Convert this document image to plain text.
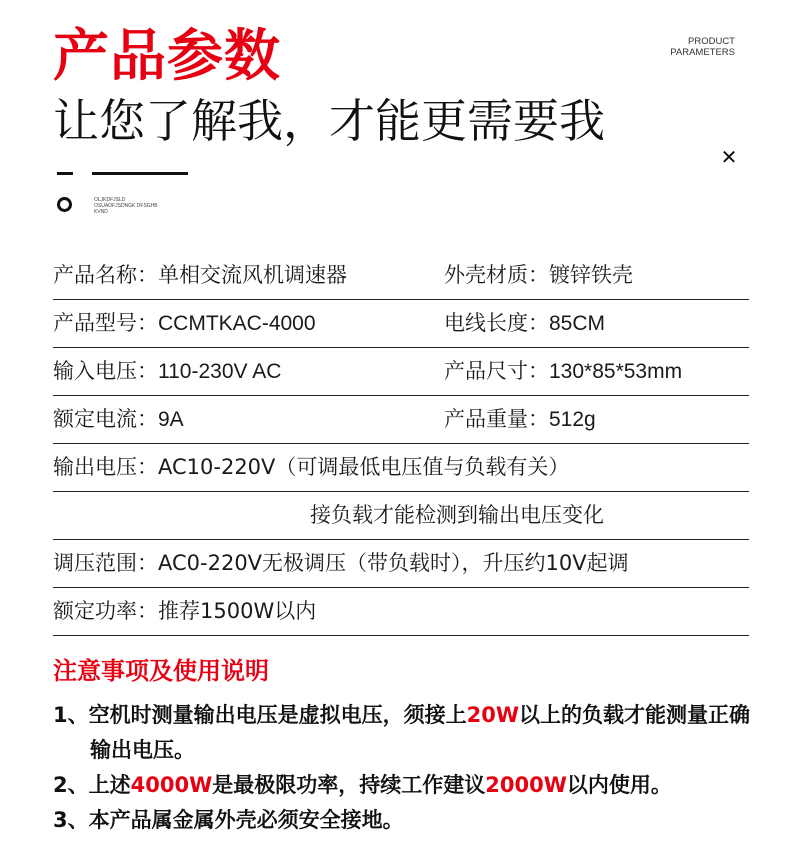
产品参数	PRODUCT
PARAMETERS
让您了解我，才能更需要我
✕
OLJKDFJSLD
OSUAOFJSDNGK DFSGHB
KVND
产品名称：单相交流风机调速器	外壳材质：镀锌铁壳
产品型号：CCMTKAC-4000	电线长度：85CM
输入电压：110-230V AC	产品尺寸：130*85*53mm
额定电流：9A	产品重量：512g
输出电压：AC10-220V（可调最低电压值与负载有关）
接负载才能检测到输出电压变化
调压范围：AC0-220V无极调压（带负载时），升压约10V起调
额定功率：推荐1500W以内
注意事项及使用说明
1、空机时测量输出电压是虚拟电压，须接上20W以上的负载才能测量正确输出电压。
2、上述4000W是最极限功率，持续工作建议2000W以内使用。
3、本产品属金属外壳必须安全接地。
